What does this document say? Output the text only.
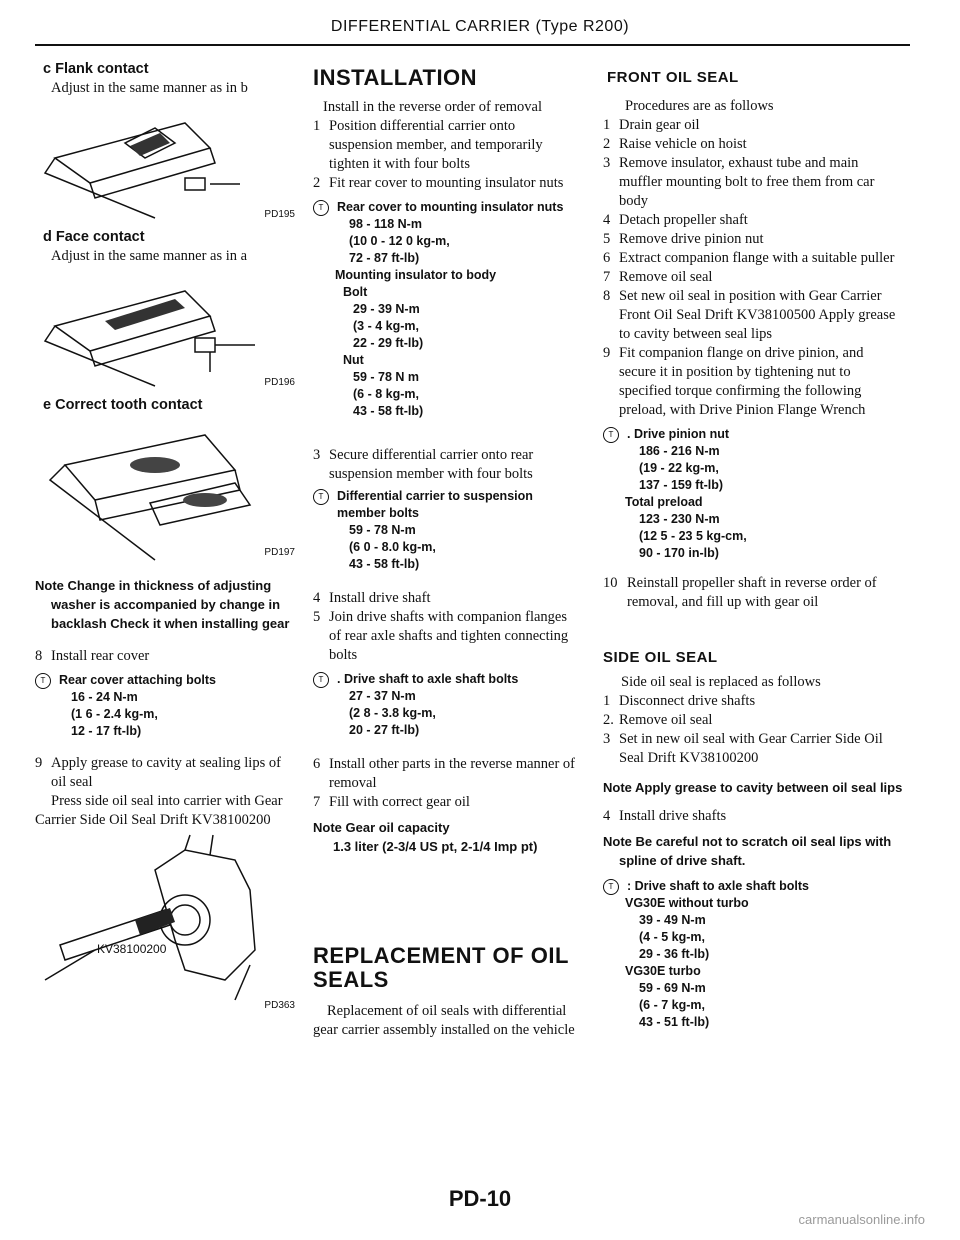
DIFFERENTIAL CARRIER (Type R200)

c Flank contact

Adjust in the same manner as in b

PD195

d Face contact

Adjust in the same manner as in a

PD196

e Correct tooth contact

PD197

Note Change in thickness of adjusting washer is accompanied by change in backlash Check it when installing gear

8 Install rear cover
T	Rear cover attaching bolts
16 - 24 N-m
(1 6 - 2.4 kg-m,
12 - 17 ft-lb)
9 Apply grease to cavity at sealing lips of oil seal

Press side oil seal into carrier with Gear Carrier Side Oil Seal Drift KV38100200

KV38100200
PD363

INSTALLATION

Install in the reverse order of removal

1 Position differential carrier onto suspension member, and temporarily tighten it with four bolts
2 Fit rear cover to mounting insulator nuts
T	Rear cover to mounting insulator nuts
98 - 118 N-m
(10 0 - 12 0 kg-m,
72 - 87 ft-lb)
Mounting insulator to body
Bolt
29 - 39 N-m
(3 - 4 kg-m,
22 - 29 ft-lb)
Nut
59 - 78 N m
(6 - 8 kg-m,
43 - 58 ft-lb)
3 Secure differential carrier onto rear suspension member with four bolts
T	Differential carrier to suspension member bolts
59 - 78 N-m
(6 0 - 8.0 kg-m,
43 - 58 ft-lb)
4 Install drive shaft
5 Join drive shafts with companion flanges of rear axle shafts and tighten connecting bolts
T	. Drive shaft to axle shaft bolts
27 - 37 N-m
(2 8 - 3.8 kg-m,
20 - 27 ft-lb)
6 Install other parts in the reverse manner of removal
7 Fill with correct gear oil

Note Gear oil capacity

1.3 liter (2-3/4 US pt, 2-1/4 Imp pt)

REPLACEMENT OF OIL SEALS

Replacement of oil seals with differential gear carrier assembly installed on the vehicle

FRONT OIL SEAL

Procedures are as follows

1 Drain gear oil
2 Raise vehicle on hoist
3 Remove insulator, exhaust tube and main muffler mounting bolt to free them from car body
4 Detach propeller shaft
5 Remove drive pinion nut
6 Extract companion flange with a suitable puller
7 Remove oil seal
8 Set new oil seal in position with Gear Carrier Front Oil Seal Drift KV38100500 Apply grease to cavity between seal lips
9 Fit companion flange on drive pinion, and secure it in position by tightening nut to specified torque confirming the following preload, with Drive Pinion Flange Wrench
T	. Drive pinion nut
186 - 216 N-m
(19 - 22 kg-m,
137 - 159 ft-lb)
Total preload
123 - 230 N-m
(12 5 - 23 5 kg-cm,
90 - 170 in-lb)
10 Reinstall propeller shaft in reverse order of removal, and fill up with gear oil

SIDE OIL SEAL

Side oil seal is replaced as follows

1 Disconnect drive shafts
2. Remove oil seal
3 Set in new oil seal with Gear Carrier Side Oil Seal Drift KV38100200

Note Apply grease to cavity between oil seal lips

4 Install drive shafts

Note Be careful not to scratch oil seal lips with spline of drive shaft.

T	: Drive shaft to axle shaft bolts
VG30E without turbo
39 - 49 N-m
(4 - 5 kg-m,
29 - 36 ft-lb)
VG30E turbo
59 - 69 N-m
(6 - 7 kg-m,
43 - 51 ft-lb)
PD-10
carmanualsonline.info
